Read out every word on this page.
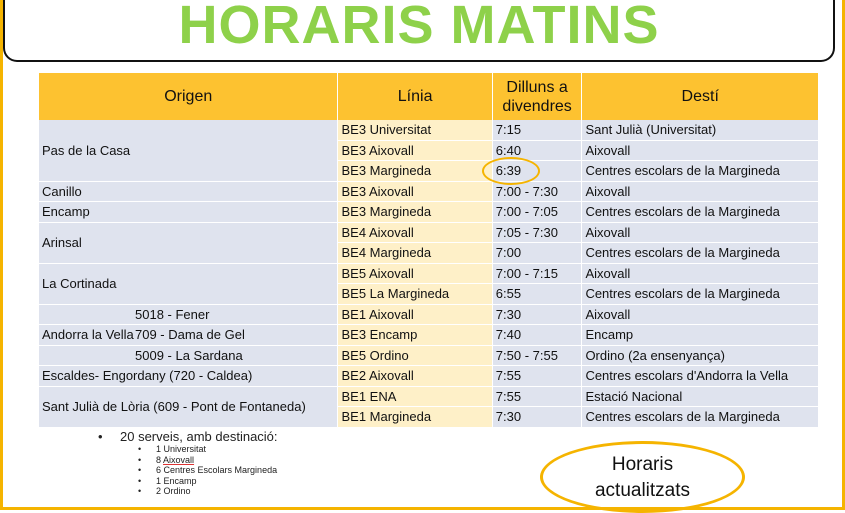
HORARIS MATINS
Origen	Línia	Dilluns a
divendres	Destí
Pas de la Casa	BE3 Universitat	7:15	Sant Julià (Universitat)
	BE3 Aixovall	6:40	Aixovall
	BE3 Margineda	6:39	Centres escolars de la Margineda
Canillo	BE3 Aixovall	7:00 - 7:30	Aixovall
Encamp	BE3 Margineda	7:00 - 7:05	Centres escolars de la Margineda
Arinsal	BE4 Aixovall	7:05 - 7:30	Aixovall
	BE4 Margineda	7:00	Centres escolars de la Margineda
La Cortinada	BE5 Aixovall	7:00 - 7:15	Aixovall
	BE5 La Margineda	6:55	Centres escolars de la Margineda
5018 - Fener	BE1 Aixovall	7:30	Aixovall
Andorra la Vella709 - Dama de Gel	BE3 Encamp	7:40	Encamp
5009 - La Sardana	BE5 Ordino	7:50 - 7:55	Ordino (2a ensenyança)
Escaldes- Engordany (720 - Caldea)	BE2 Aixovall	7:55	Centres escolars d'Andorra la Vella
Sant Julià de Lòria (609 - Pont de Fontaneda)	BE1 ENA	7:55	Estació Nacional
	BE1 Margineda	7:30	Centres escolars de la Margineda
• 20 serveis, amb destinació:
• 1 Universitat
• 8 Aixovall
• 6 Centres Escolars Margineda
• 1 Encamp
• 2 Ordino
Horaris
actualitzats
